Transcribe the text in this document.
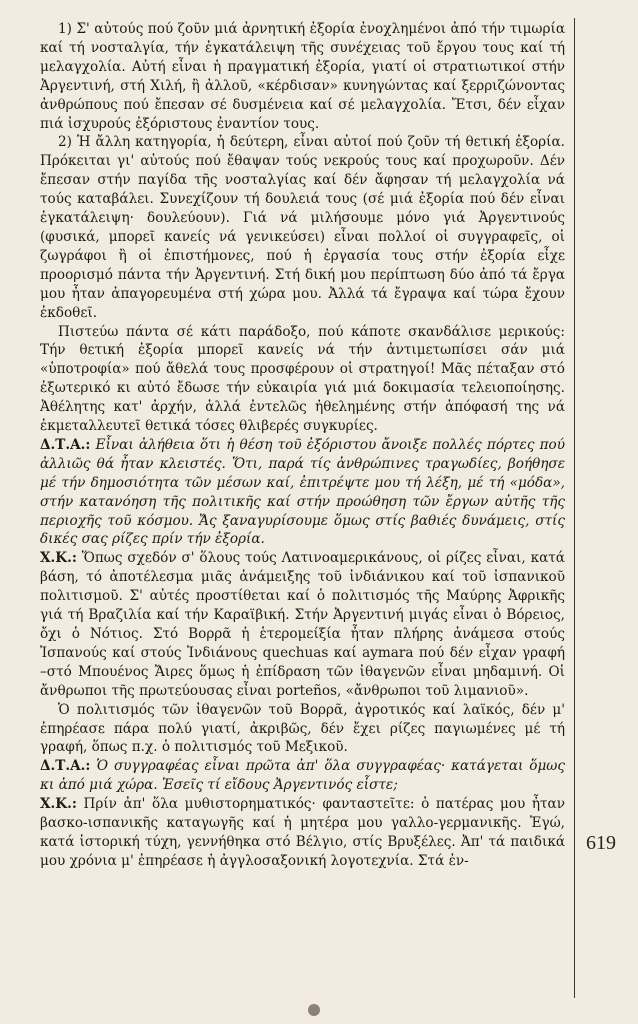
619

1) Σ' αὐτούς πού ζοῦν μιά ἀρνητική ἐξορία ἐνοχλημένοι ἀπό τήν τιμωρία καί τή νοσταλγία, τήν ἐγκατάλειψη τῆς συνέχειας τοῦ ἔργου τους καί τή μελαγχολία. Αὐτή εἶναι ἡ πραγματική ἐξορία, γιατί οἱ στρατιωτικοί στήν Ἀργεντινή, στή Χιλή, ἢ ἀλλοῦ, «κέρδισαν» κυνηγώντας καί ξερριζώνοντας ἀνθρώπους πού ἔπεσαν σέ δυσμένεια καί σέ μελαγχολία. Ἔτσι, δέν εἶχαν πιά ἰσχυρούς ἐξόριστους ἐναντίον τους.

2) Ἡ ἄλλη κατηγορία, ἡ δεύτερη, εἶναι αὐτοί πού ζοῦν τή θετική ἐξορία. Πρόκειται γι' αὐτούς πού ἔθαψαν τούς νεκρούς τους καί προχωροῦν. Δέν ἔπεσαν στήν παγίδα τῆς νοσταλγίας καί δέν ἄφησαν τή μελαγχολία νά τούς καταβάλει. Συνεχίζουν τή δουλειά τους (σέ μιά ἐξορία πού δέν εἶναι ἐγκατάλειψη· δουλεύουν). Γιά νά μιλήσουμε μόνο γιά Ἀργεντινούς (φυσικά, μπορεῖ κανείς νά γενικεύσει) εἶναι πολλοί οἱ συγγραφεῖς, οἱ ζωγράφοι ἢ οἱ ἐπιστήμονες, πού ἡ ἐργασία τους στήν ἐξορία εἶχε προορισμό πάντα τήν Ἀργεντινή. Στή δική μου περίπτωση δύο ἀπό τά ἔργα μου ἦταν ἀπαγορευμένα στή χώρα μου. Ἀλλά τά ἔγραψα καί τώρα ἔχουν ἐκδοθεῖ.

Πιστεύω πάντα σέ κάτι παράδοξο, πού κάποτε σκανδάλισε μερικούς: Τήν θετική ἐξορία μπορεῖ κανείς νά τήν ἀντιμετωπίσει σάν μιά «ὑποτροφία» πού ἄθελά τους προσφέρουν οἱ στρατηγοί! Μᾶς πέταξαν στό ἐξωτερικό κι αὐτό ἔδωσε τήν εὐκαιρία γιά μιά δοκιμασία τελειοποίησης. Ἀθέλητης κατ' ἀρχήν, ἀλλά ἐντελῶς ἠθελημένης στήν ἀπόφασή της νά ἐκμεταλλευτεῖ θετικά τόσες θλιβερές συγκυρίες.

Δ.Τ.Α.: Εἶναι ἀλήθεια ὅτι ἡ θέση τοῦ ἐξόριστου ἄνοιξε πολλές πόρτες πού ἀλλιῶς θά ἦταν κλειστές. Ὅτι, παρά τίς ἀνθρώπινες τραγωδίες, βοήθησε μέ τήν δημοσιότητα τῶν μέσων καί, ἐπιτρέψτε μου τή λέξη, μέ τή «μόδα», στήν κατανόηση τῆς πολιτικῆς καί στήν προώθηση τῶν ἔργων αὐτῆς τῆς περιοχῆς τοῦ κόσμου. Ἄς ξαναγυρίσουμε ὅμως στίς βαθιές δυνάμεις, στίς δικές σας ρίζες πρίν τήν ἐξορία.

Χ.Κ.: Ὅπως σχεδόν σ' ὅλους τούς Λατινοαμερικάνους, οἱ ρίζες εἶναι, κατά βάση, τό ἀποτέλεσμα μιᾶς ἀνάμειξης τοῦ ἰνδιάνικου καί τοῦ ἰσπανικοῦ πολιτισμοῦ. Σ' αὐτές προστίθεται καί ὁ πολιτισμός τῆς Μαύρης Ἀφρικῆς γιά τή Βραζιλία καί τήν Καραϊβική. Στήν Ἀργεντινή μιγάς εἶναι ὁ Βόρειος, ὄχι ὁ Νότιος. Στό Βορρᾶ ἡ ἑτερομείξία ἦταν πλήρης ἀνάμεσα στούς Ἰσπανούς καί στούς Ἰνδιάνους quechuas καί aymara πού δέν εἶχαν γραφή –στό Μπουένος Ἄιρες ὅμως ἡ ἐπίδραση τῶν ἰθαγενῶν εἶναι μηδαμινή. Οἱ ἄνθρωποι τῆς πρωτεύουσας εἶναι porteños, «ἄνθρωποι τοῦ λιμανιοῦ».

Ὁ πολιτισμός τῶν ἰθαγενῶν τοῦ Βορρᾶ, ἀγροτικός καί λαϊκός, δέν μ' ἐπηρέασε πάρα πολύ γιατί, ἀκριβῶς, δέν ἔχει ρίζες παγιωμένες μέ τή γραφή, ὅπως π.χ. ὁ πολιτισμός τοῦ Μεξικοῦ.

Δ.Τ.Α.: Ὁ συγγραφέας εἶναι πρῶτα ἀπ' ὅλα συγγραφέας· κατάγεται ὅμως κι ἀπό μιά χώρα. Ἐσεῖς τί εἴδους Ἀργεντινός εἶστε;

Χ.Κ.: Πρίν ἀπ' ὅλα μυθιστορηματικός· φανταστεῖτε: ὁ πατέρας μου ἦταν βασκο-ισπανικῆς καταγωγῆς καί ἡ μητέρα μου γαλλο-γερμανικῆς. Ἐγώ, κατά ἱστορική τύχη, γεννήθηκα στό Βέλγιο, στίς Βρυξέλες. Ἀπ' τά παιδικά μου χρόνια μ' ἐπηρέασε ἡ ἀγγλοσαξονική λογοτεχνία. Στά ἐν-
